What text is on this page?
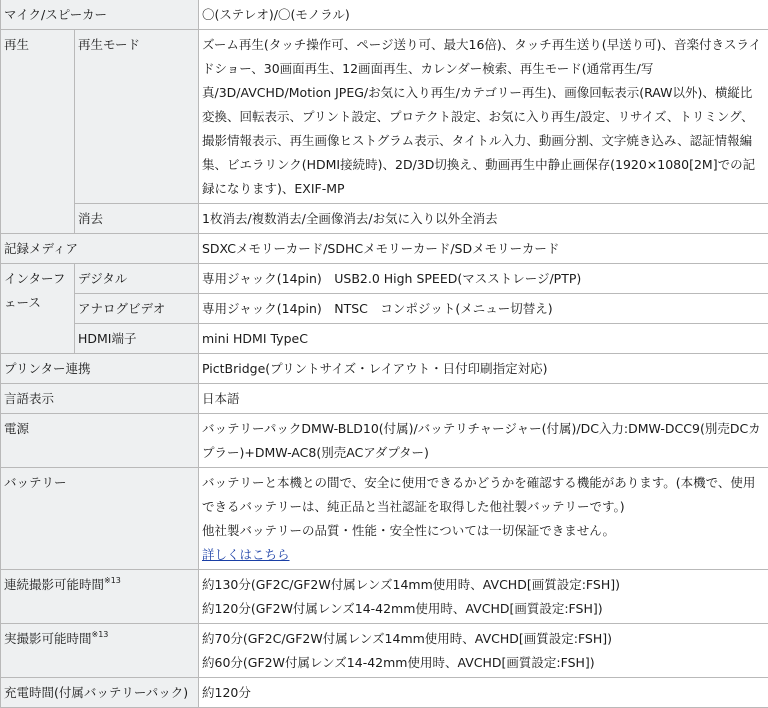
マイク/スピーカー		〇(ステレオ)/〇(モノラル)
再生	再生モード	ズーム再生(タッチ操作可、ページ送り可、最大16倍)、タッチ再生送り(早送り可)、音楽付きスライドショー、30画面再生、12画面再生、カレンダー検索、再生モード(通常再生/写真/3D/AVCHD/Motion JPEG/お気に入り再生/カテゴリー再生)、画像回転表示(RAW以外)、横縦比変換、回転表示、プリント設定、プロテクト設定、お気に入り再生/設定、リサイズ、トリミング、撮影情報表示、再生画像ヒストグラム表示、タイトル入力、動画分割、文字焼き込み、認証情報編集、ビエラリンク(HDMI接続時)、2D/3D切換え、動画再生中静止画保存(1920×1080[2M]での記録になります)、EXIF-MP
	消去	1枚消去/複数消去/全画像消去/お気に入り以外全消去
記録メディア		SDXCメモリーカード/SDHCメモリーカード/SDメモリーカード
インターフェース	デジタル	専用ジャック(14pin)　USB2.0 High SPEED(マスストレージ/PTP)
	アナログビデオ	専用ジャック(14pin)　NTSC　コンポジット(メニュー切替え)
	HDMI端子	mini HDMI TypeC
プリンター連携		PictBridge(プリントサイズ・レイアウト・日付印刷指定対応)
言語表示		日本語
電源		バッテリーパックDMW-BLD10(付属)/バッテリチャージャー(付属)/DC入力:DMW-DCC9(別売DCカプラー)+DMW-AC8(別売ACアダプター)
バッテリー		バッテリーと本機との間で、安全に使用できるかどうかを確認する機能があります。(本機で、使用できるバッテリーは、純正品と当社認証を取得した他社製バッテリーです。)
他社製バッテリーの品質・性能・安全性については一切保証できません。
詳しくはこちら

連続撮影可能時間$^{※13}$		約130分(GF2C/GF2W付属レンズ14mm使用時、AVCHD[画質設定:FSH])
約120分(GF2W付属レンズ14-42mm使用時、AVCHD[画質設定:FSH])

実撮影可能時間$^{※13}$		約70分(GF2C/GF2W付属レンズ14mm使用時、AVCHD[画質設定:FSH])
約60分(GF2W付属レンズ14-42mm使用時、AVCHD[画質設定:FSH])

充電時間(付属バッテリーパック)		約120分
